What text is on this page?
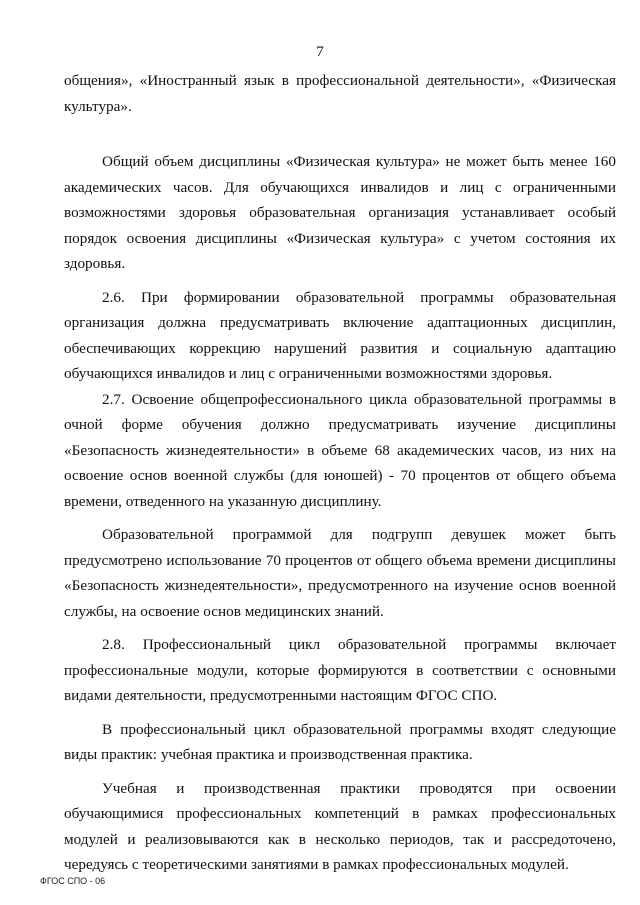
7

общения», «Иностранный язык в профессиональной деятельности», «Физическая культура».

Общий объем дисциплины «Физическая культура» не может быть менее 160 академических часов. Для обучающихся инвалидов и лиц с ограниченными возможностями здоровья образовательная организация устанавливает особый порядок освоения дисциплины «Физическая культура» с учетом состояния их здоровья.

2.6. При формировании образовательной программы образовательная организация должна предусматривать включение адаптационных дисциплин, обеспечивающих коррекцию нарушений развития и социальную адаптацию обучающихся инвалидов и лиц с ограниченными возможностями здоровья.

2.7. Освоение общепрофессионального цикла образовательной программы в очной форме обучения должно предусматривать изучение дисциплины «Безопасность жизнедеятельности» в объеме 68 академических часов, из них на освоение основ военной службы (для юношей) - 70 процентов от общего объема времени, отведенного на указанную дисциплину.

Образовательной программой для подгрупп девушек может быть предусмотрено использование 70 процентов от общего объема времени дисциплины «Безопасность жизнедеятельности», предусмотренного на изучение основ военной службы, на освоение основ медицинских знаний.

2.8. Профессиональный цикл образовательной программы включает профессиональные модули, которые формируются в соответствии с основными видами деятельности, предусмотренными настоящим ФГОС СПО.

В профессиональный цикл образовательной программы входят следующие виды практик: учебная практика и производственная практика.

Учебная и производственная практики проводятся при освоении обучающимися профессиональных компетенций в рамках профессиональных модулей и реализовываются как в несколько периодов, так и рассредоточено, чередуясь с теоретическими занятиями в рамках профессиональных модулей.

ФГОС СПО - 06
